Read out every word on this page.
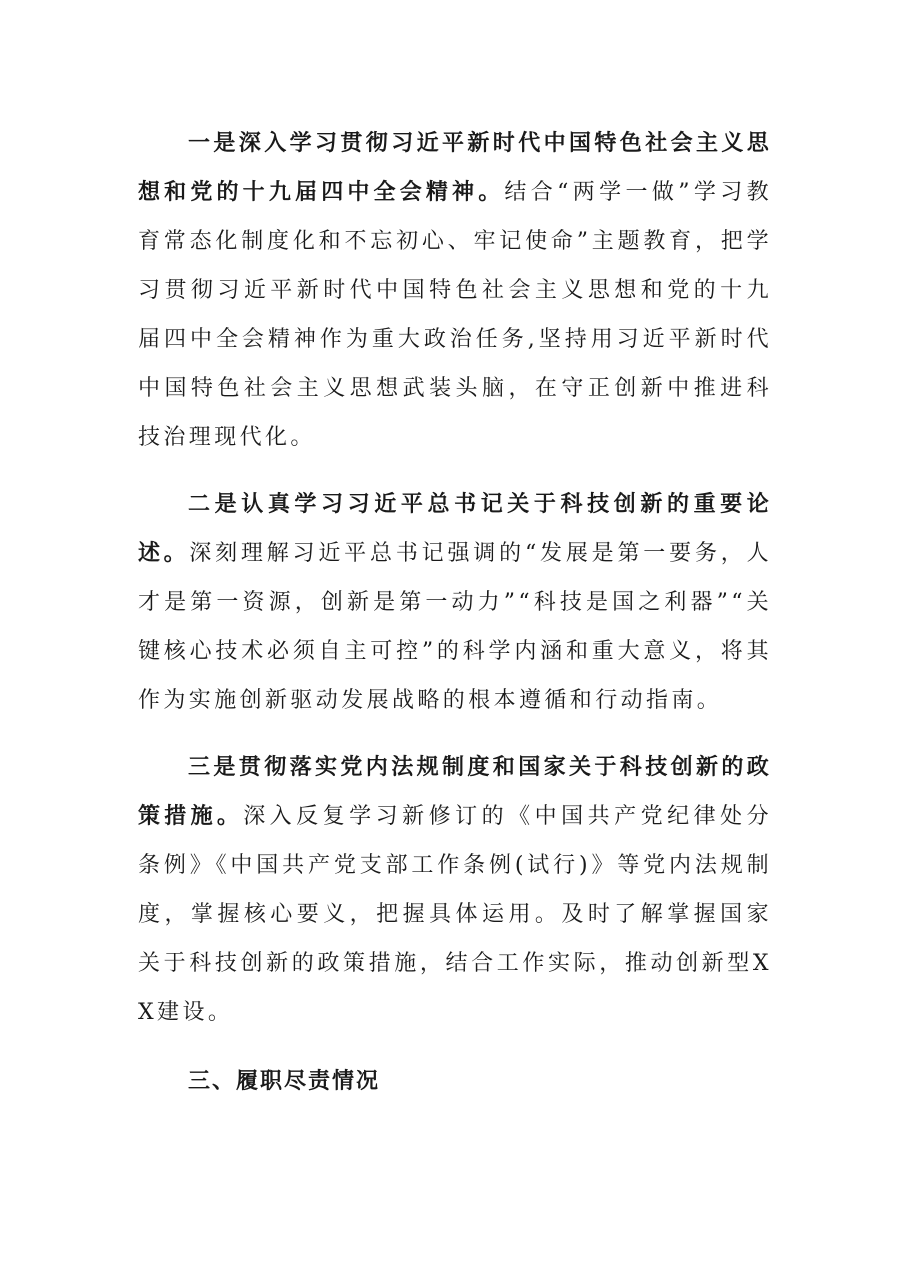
一是深入学习贯彻习近平新时代中国特色社会主义思想和党的十九届四中全会精神。结合“两学一做”学习教育常态化制度化和不忘初心、牢记使命”主题教育，把学习贯彻习近平新时代中国特色社会主义思想和党的十九届四中全会精神作为重大政治任务,坚持用习近平新时代中国特色社会主义思想武装头脑，在守正创新中推进科技治理现代化。

二是认真学习习近平总书记关于科技创新的重要论述。深刻理解习近平总书记强调的“发展是第一要务，人才是第一资源，创新是第一动力”“科技是国之利器”“关键核心技术必须自主可控”的科学内涵和重大意义，将其作为实施创新驱动发展战略的根本遵循和行动指南。

三是贯彻落实党内法规制度和国家关于科技创新的政策措施。深入反复学习新修订的《中国共产党纪律处分条例》《中国共产党支部工作条例(试行)》等党内法规制度，掌握核心要义，把握具体运用。及时了解掌握国家关于科技创新的政策措施，结合工作实际，推动创新型XX建设。

三、履职尽责情况
